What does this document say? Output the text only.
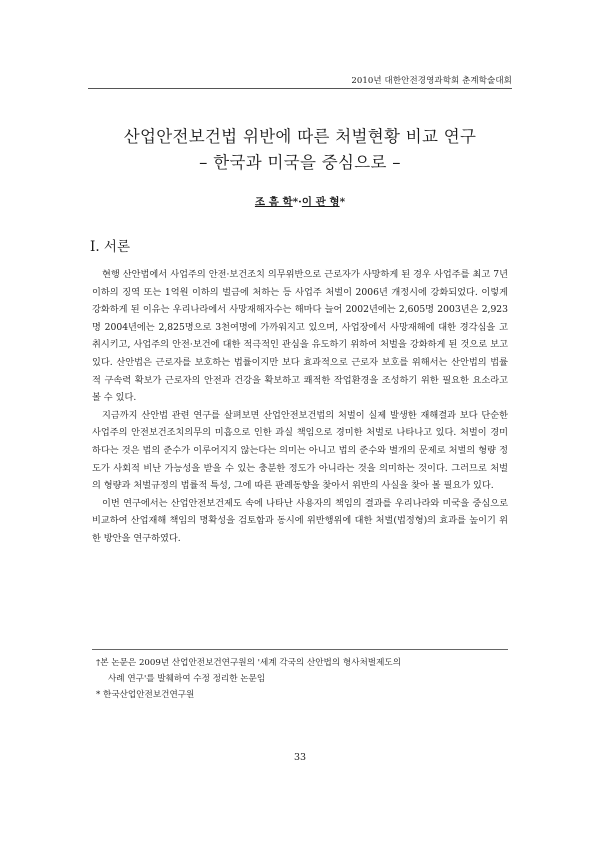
2010년 대한안전경영과학회 춘계학술대회
산업안전보건법 위반에 따른 처벌현황 비교 연구
– 한국과 미국을 중심으로 –
조 흠 학*·이 관 형*
I. 서론

현행 산안법에서 사업주의 안전·보건조치 의무위반으로 근로자가 사망하게 된 경우 사업주를 최고 7년 이하의 징역 또는 1억원 이하의 벌금에 처하는 등 사업주 처벌이 2006년 개정시에 강화되었다. 이렇게 강화하게 된 이유는 우리나라에서 사망재해자수는 해마다 늘어 2002년에는 2,605명 2003년은 2,923명 2004년에는 2,825명으로 3천여명에 가까워지고 있으며, 사업장에서 사망재해에 대한 경각심을 고취시키고, 사업주의 안전·보건에 대한 적극적인 관심을 유도하기 위하여 처벌을 강화하게 된 것으로 보고 있다. 산안법은 근로자를 보호하는 법률이지만 보다 효과적으로 근로자 보호를 위해서는 산안법의 법률적 구속력 확보가 근로자의 안전과 건강을 확보하고 쾌적한 작업환경을 조성하기 위한 필요한 요소라고 볼 수 있다.

지금까지 산안법 관련 연구를 살펴보면 산업안전보건법의 처벌이 실제 발생한 재해결과 보다 단순한 사업주의 안전보건조치의무의 미흡으로 인한 과실 책임으로 경미한 처벌로 나타나고 있다. 처벌이 경미하다는 것은 법의 준수가 이루어지지 않는다는 의미는 아니고 법의 준수와 별개의 문제로 처벌의 형량 정도가 사회적 비난 가능성을 받을 수 있는 충분한 정도가 아니라는 것을 의미하는 것이다. 그러므로 처벌의 형량과 처벌규정의 법률적 특성, 그에 따른 판례동향을 찾아서 위반의 사실을 찾아 볼 필요가 있다.

이번 연구에서는 산업안전보건제도 속에 나타난 사용자의 책임의 결과를 우리나라와 미국을 중심으로 비교하여 산업재해 책임의 명확성을 검토함과 동시에 위반행위에 대한 처벌(법정형)의 효과를 높이기 위한 방안을 연구하였다.

†본 논문은 2009년 산업안전보건연구원의 '세계 각국의 산안법의 형사처벌제도의
사례 연구'를 발췌하여 수정 정리한 논문임
* 한국산업안전보건연구원
33
